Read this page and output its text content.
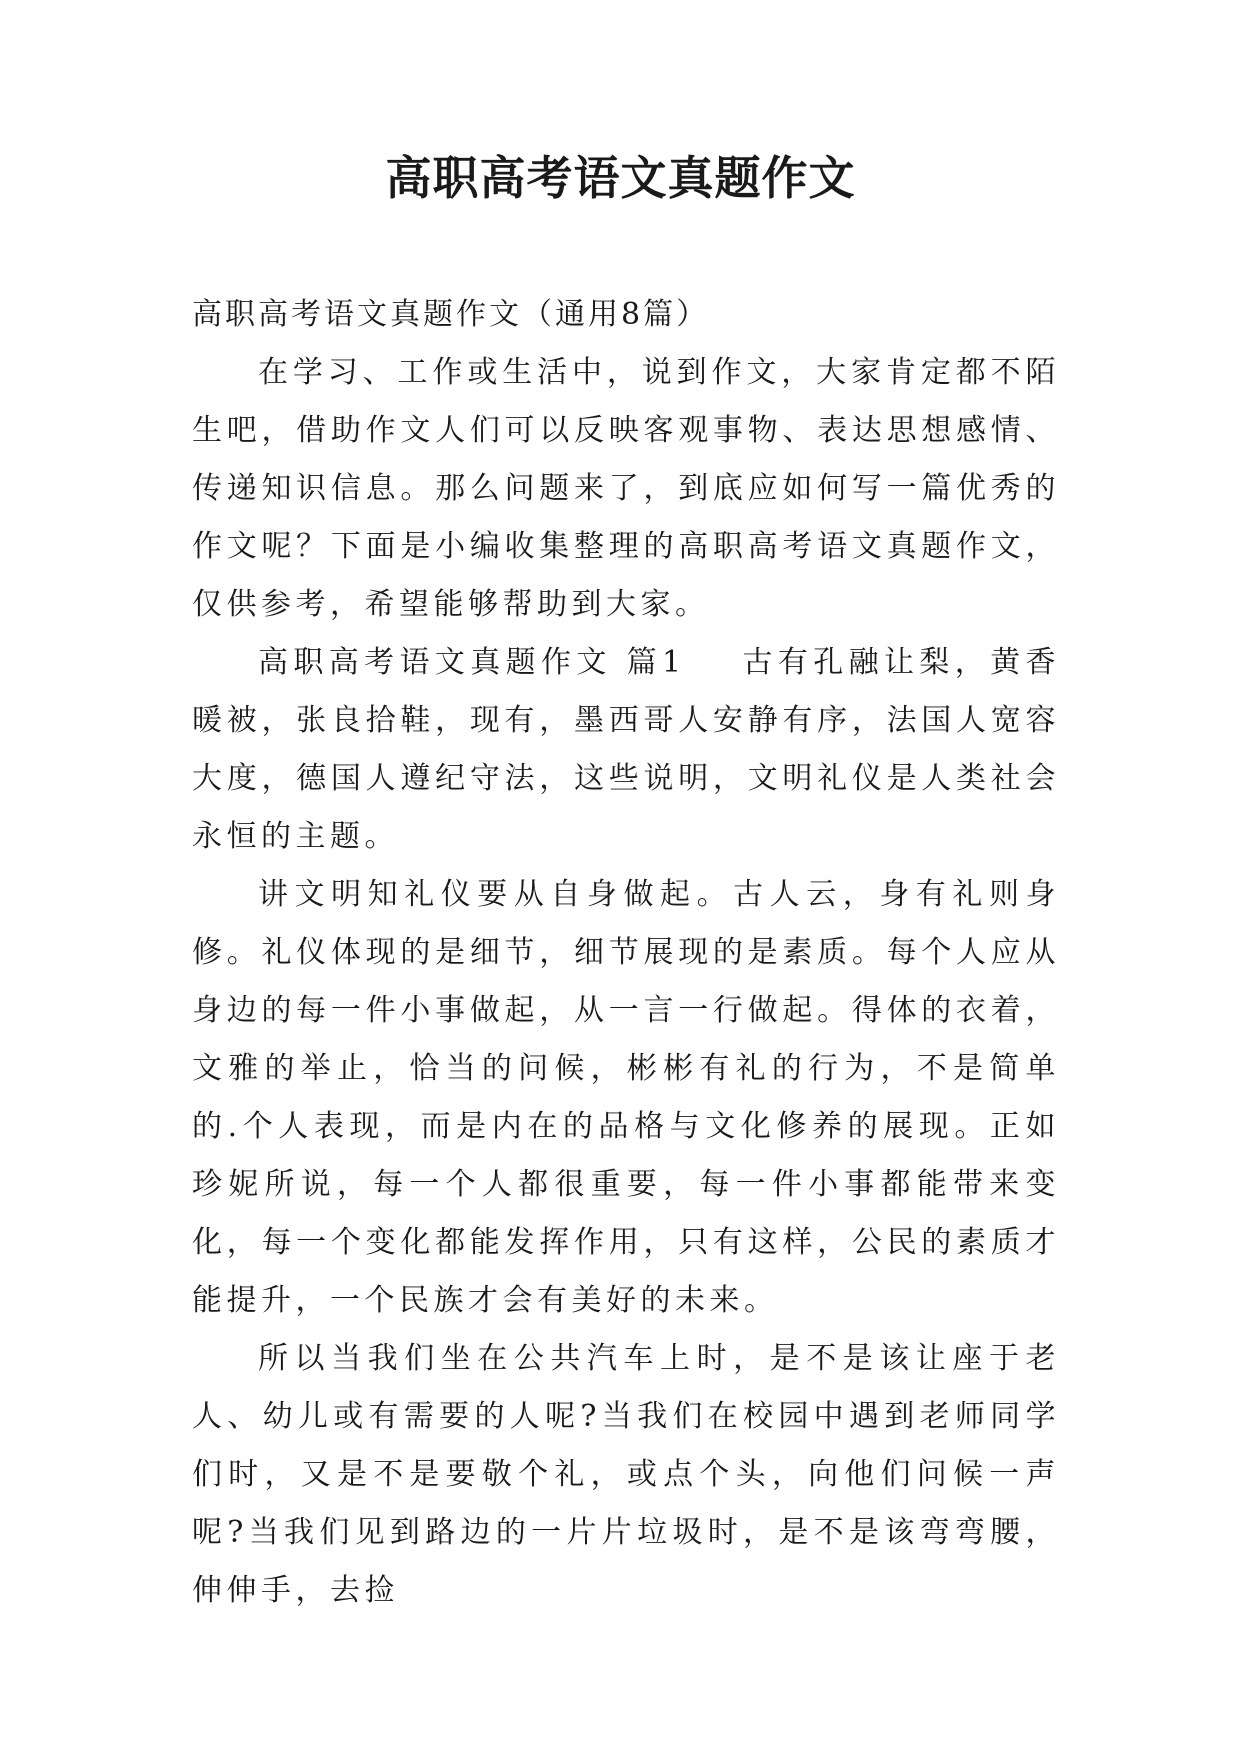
高职高考语文真题作文

高职高考语文真题作文（通用8篇）

在学习、工作或生活中，说到作文，大家肯定都不陌生吧，借助作文人们可以反映客观事物、表达思想感情、传递知识信息。那么问题来了，到底应如何写一篇优秀的作文呢？下面是小编收集整理的高职高考语文真题作文，仅供参考，希望能够帮助到大家。

高职高考语文真题作文 篇1 古有孔融让梨，黄香暖被，张良拾鞋，现有，墨西哥人安静有序，法国人宽容大度，德国人遵纪守法，这些说明，文明礼仪是人类社会永恒的主题。

讲文明知礼仪要从自身做起。古人云，身有礼则身修。礼仪体现的是细节，细节展现的是素质。每个人应从身边的每一件小事做起，从一言一行做起。得体的衣着，文雅的举止，恰当的问候，彬彬有礼的行为，不是简单的.个人表现，而是内在的品格与文化修养的展现。正如珍妮所说，每一个人都很重要，每一件小事都能带来变化，每一个变化都能发挥作用，只有这样，公民的素质才能提升，一个民族才会有美好的未来。

所以当我们坐在公共汽车上时，是不是该让座于老人、幼儿或有需要的人呢?当我们在校园中遇到老师同学们时，又是不是要敬个礼，或点个头，向他们问候一声呢?当我们见到路边的一片片垃圾时，是不是该弯弯腰，伸伸手，去捡
